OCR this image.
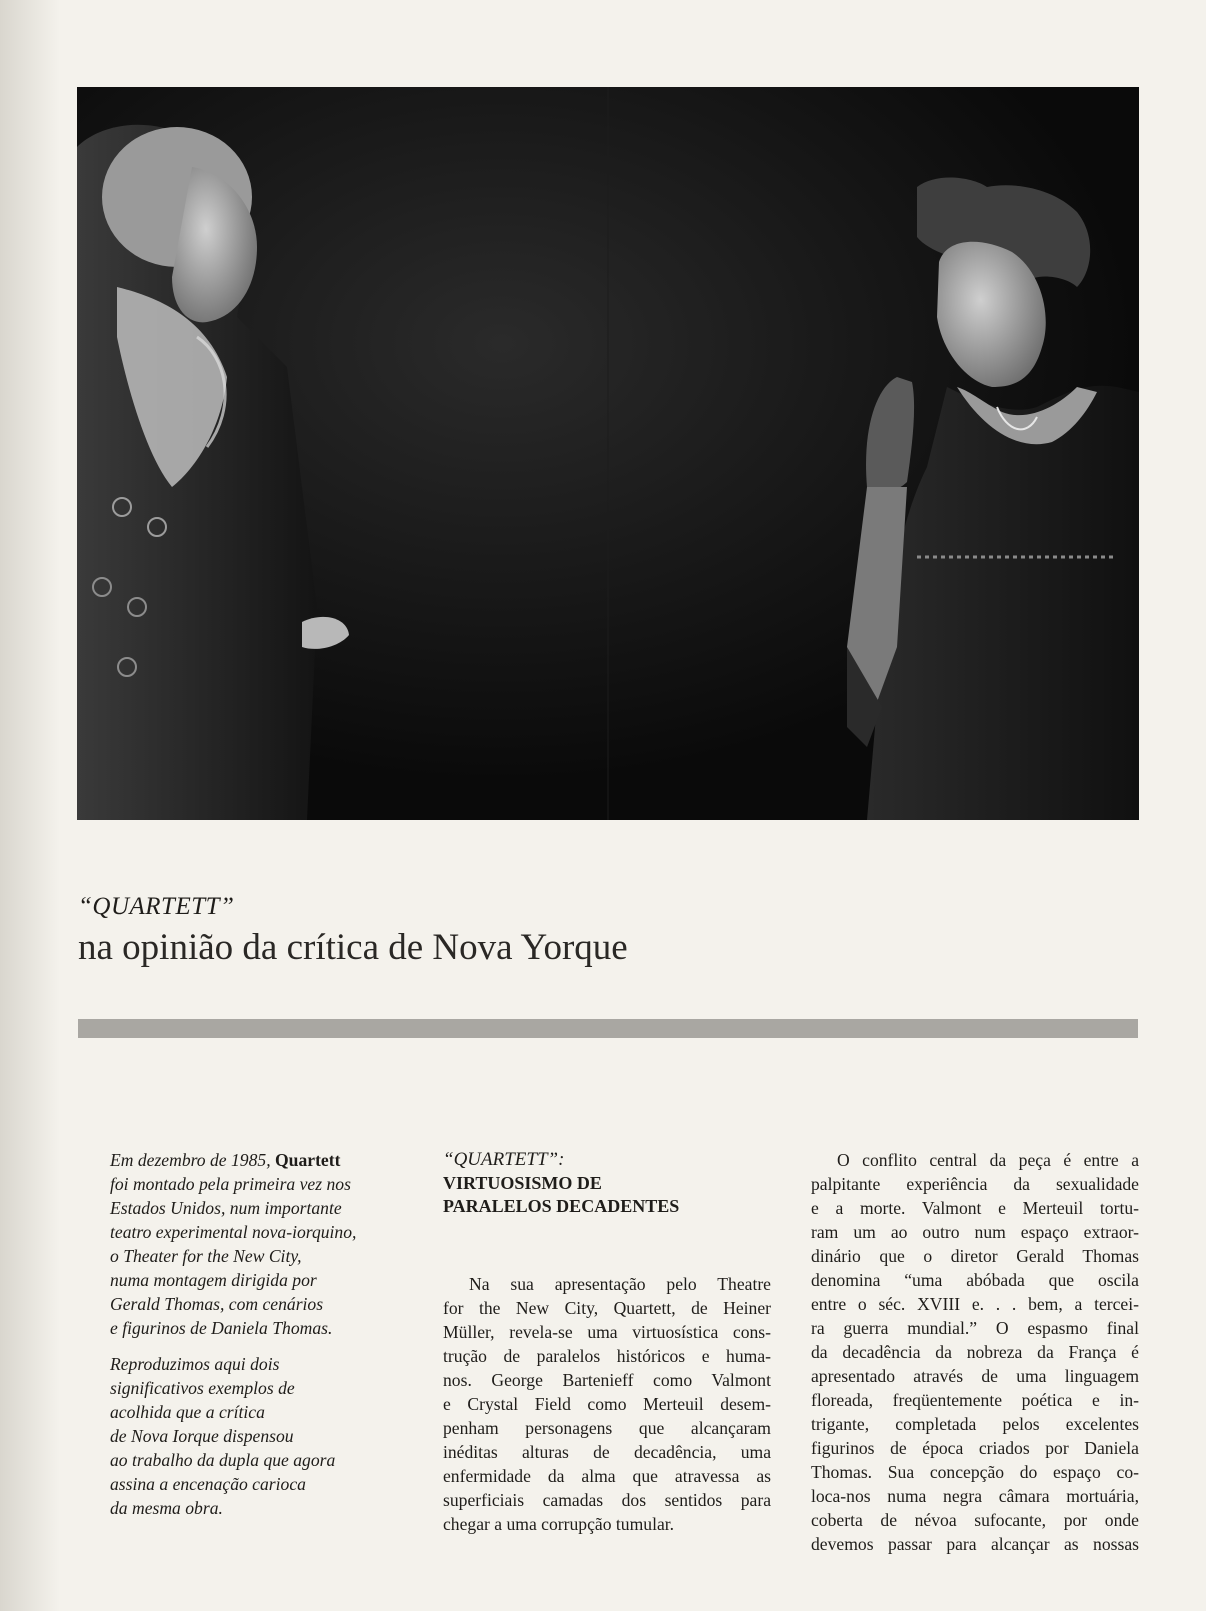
“QUARTETT”
na opinião da crítica de Nova Yorque

Em dezembro de 1985, Quartett
foi montado pela primeira vez nos
Estados Unidos, num importante
teatro experimental nova-iorquino,
o Theater for the New City,
numa montagem dirigida por
Gerald Thomas, com cenários
e figurinos de Daniela Thomas.

Reproduzimos aqui dois
significativos exemplos de
acolhida que a crítica
de Nova Iorque dispensou
ao trabalho da dupla que agora
assina a encenação carioca
da mesma obra.

“QUARTETT”:

VIRTUOSISMO DE
PARALELOS DECADENTES

Na sua apresentação pelo Theatre
for the New City, Quartett, de Heiner
Müller, revela-se uma virtuosística cons-
trução de paralelos históricos e huma-
nos. George Bartenieff como Valmont
e Crystal Field como Merteuil desem-
penham personagens que alcançaram
inéditas alturas de decadência, uma
enfermidade da alma que atravessa as
superficiais camadas dos sentidos para
chegar a uma corrupção tumular.
O conflito central da peça é entre a
palpitante experiência da sexualidade
e a morte. Valmont e Merteuil tortu-
ram um ao outro num espaço extraor-
dinário que o diretor Gerald Thomas
denomina “uma abóbada que oscila
entre o séc. XVIII e. . . bem, a tercei-
ra guerra mundial.” O espasmo final
da decadência da nobreza da França é
apresentado através de uma linguagem
floreada, freqüentemente poética e in-
trigante, completada pelos excelentes
figurinos de época criados por Daniela
Thomas. Sua concepção do espaço co-
loca-nos numa negra câmara mortuária,
coberta de névoa sufocante, por onde
devemos passar para alcançar as nossas
